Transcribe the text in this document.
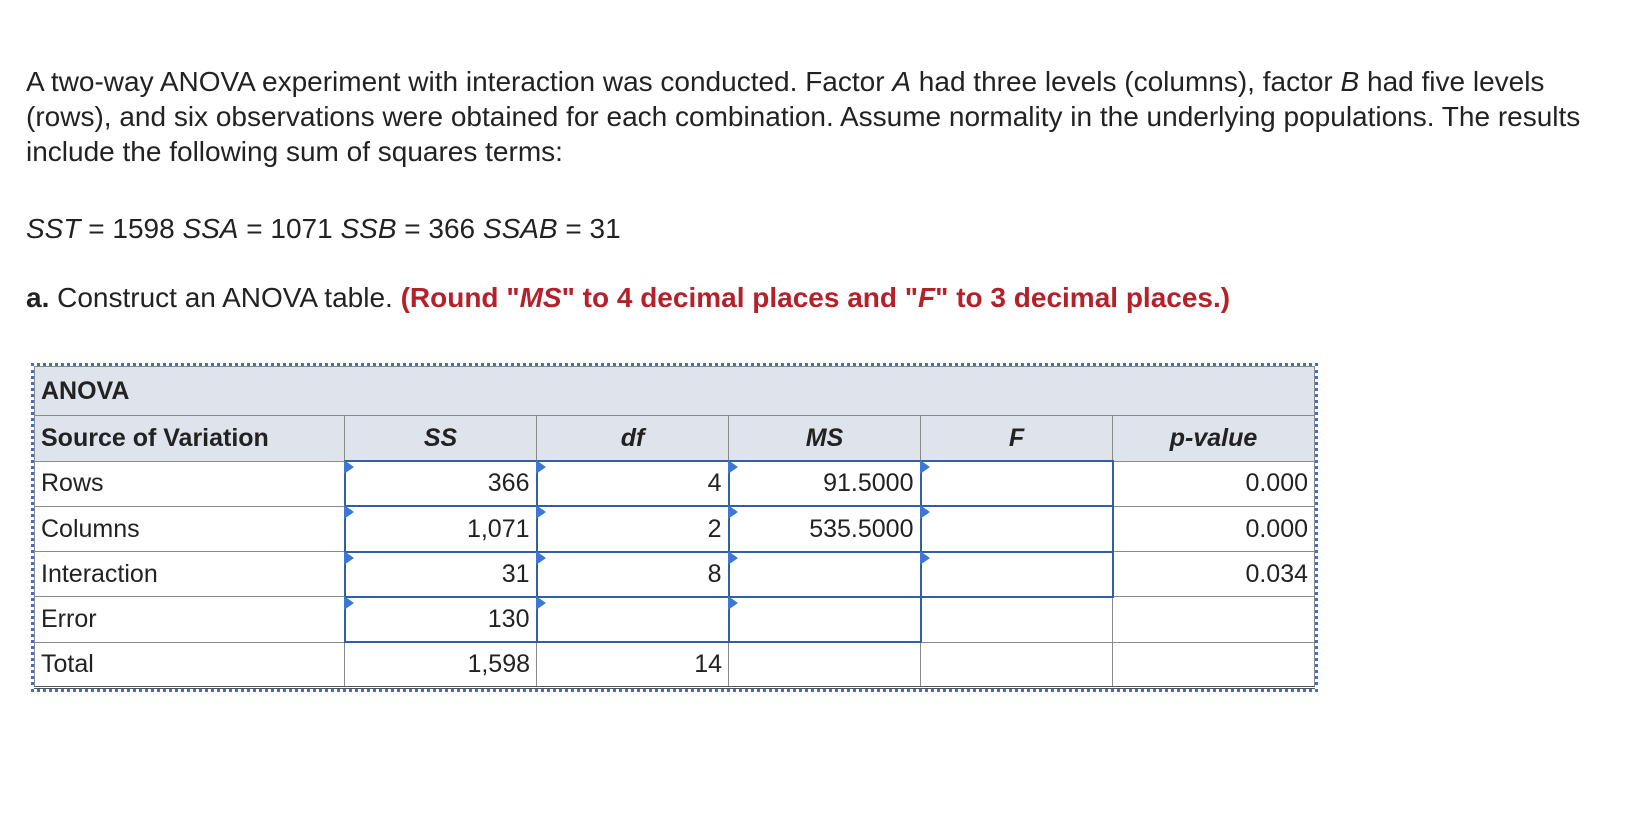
A two-way ANOVA experiment with interaction was conducted. Factor A had three levels (columns), factor B had five levels (rows), and six observations were obtained for each combination. Assume normality in the underlying populations. The results include the following sum of squares terms:
SST = 1598 SSA = 1071 SSB = 366 SSAB = 31
a. Construct an ANOVA table. (Round "MS" to 4 decimal places and "F" to 3 decimal places.)
ANOVA					
Source of Variation	SS	df	MS	F	p-value
Rows	366	4	91.5000		0.000
Columns	1,071	2	535.5000		0.000
Interaction	31	8			0.034
Error	130				
Total	1,598	14			
